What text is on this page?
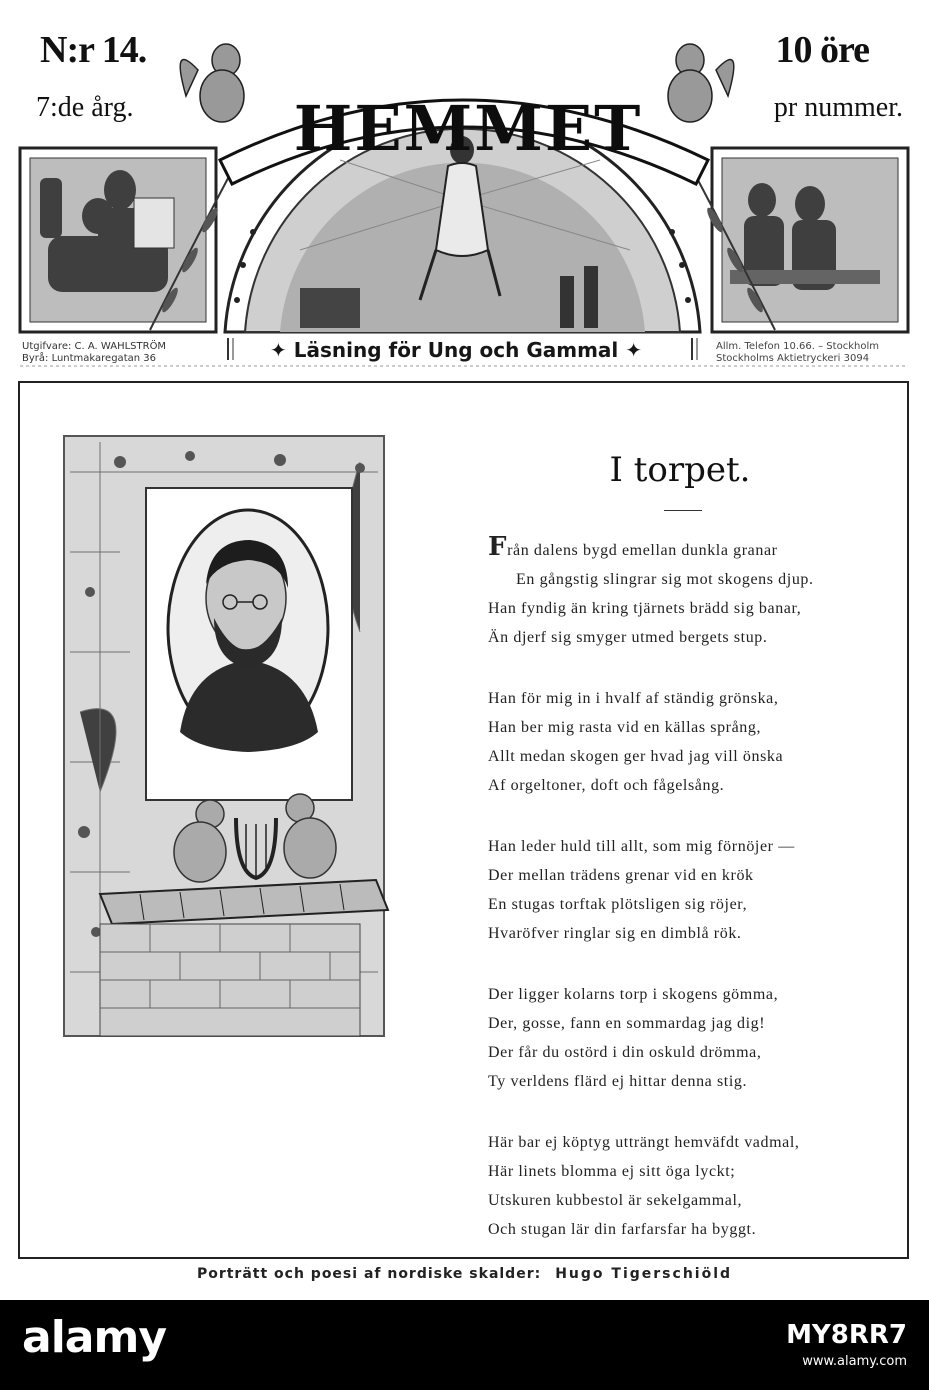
HEMMET
N:r 14.
7:de årg.
10 öre
pr nummer.
Utgifvare: C. A. WAHLSTRÖM
Byrå: Luntmakaregatan 36	✦ Läsning för Ung och Gammal ✦	Allm. Telefon 10.66. – Stockholm
Stockholms Aktietryckeri 3094
I torpet.
Från dalens bygd emellan dunkla granar
En gångstig slingrar sig mot skogens djup.
Han fyndig än kring tjärnets brädd sig banar,
Än djerf sig smyger utmed bergets stup.
Han för mig in i hvalf af ständig grönska,
Han ber mig rasta vid en källas språng,
Allt medan skogen ger hvad jag vill önska
Af orgeltoner, doft och fågelsång.
Han leder huld till allt, som mig förnöjer —
Der mellan trädens grenar vid en krök
En stugas torftak plötsligen sig röjer,
Hvaröfver ringlar sig en dimblå rök.
Der ligger kolarns torp i skogens gömma,
Der, gosse, fann en sommardag jag dig!
Der får du ostörd i din oskuld drömma,
Ty verldens flärd ej hittar denna stig.
Här bar ej köptyg utträngt hemväfdt vadmal,
Här linets blomma ej sitt öga lyckt;
Utskuren kubbestol är sekelgammal,
Och stugan lär din farfarsfar ha byggt.
Porträtt och poesi af nordiske skalder: Hugo Tigerschiöld
alamy	MY8RR7
www.alamy.com
